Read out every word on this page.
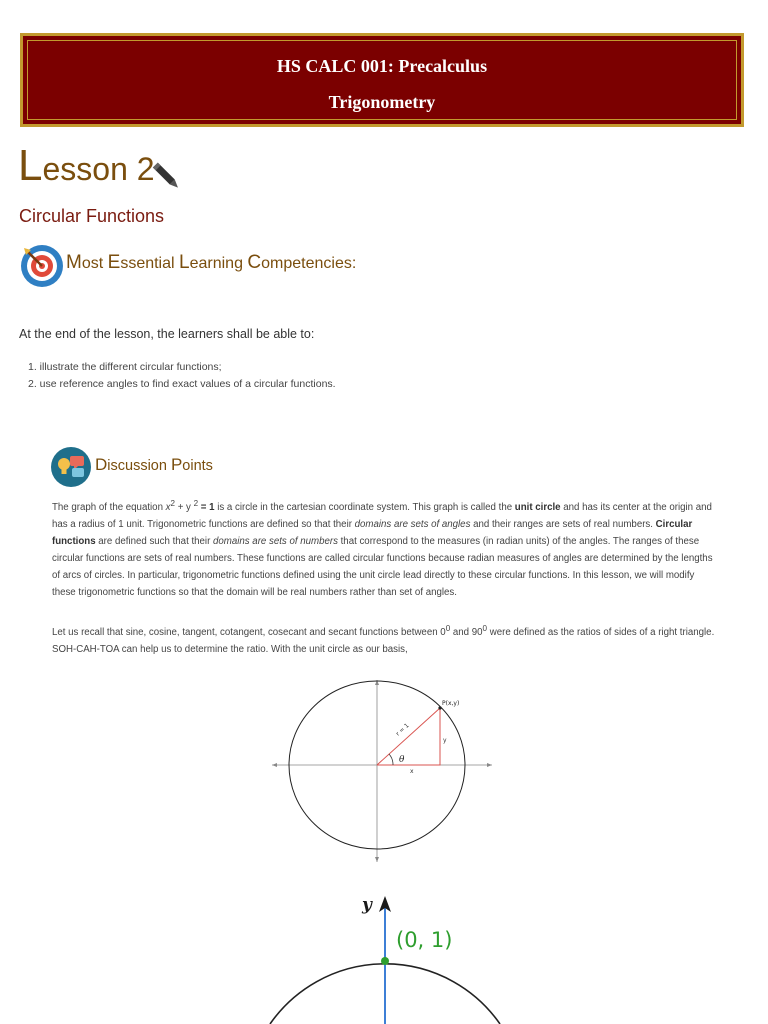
HS CALC 001: Precalculus
Trigonometry
Lesson 2
Circular Functions
Most Essential Learning Competencies:
At the end of the lesson, the learners shall be able to:
1. illustrate the different circular functions;
2. use reference angles to find exact values of a circular functions.
Discussion Points

The graph of the equation $x^2 + y$ $^2$ = 1 is a circle in the cartesian coordinate system. This graph is called the unit circle and has its center at the origin and has a radius of 1 unit. Trigonometric functions are defined so that their domains are sets of angles and their ranges are sets of real numbers. Circular functions are defined such that their domains are sets of numbers that correspond to the measures (in radian units) of the angles. The ranges of these circular functions are sets of real numbers. These functions are called circular functions because radian measures of angles are determined by the lengths of arcs of circles. In particular, trigonometric functions defined using the unit circle lead directly to these circular functions. In this lesson, we will modify these trigonometric functions so that the domain will be real numbers rather than set of angles.

Let us recall that sine, cosine, tangent, cotangent, cosecant and secant functions between $0^0$ and $90^0$ were defined as the ratios of sides of a right triangle. SOH-CAH-TOA can help us to determine the ratio. With the unit circle as our basis,

P(x,y)
r = 1
θ
x
y
y
(0, 1)
